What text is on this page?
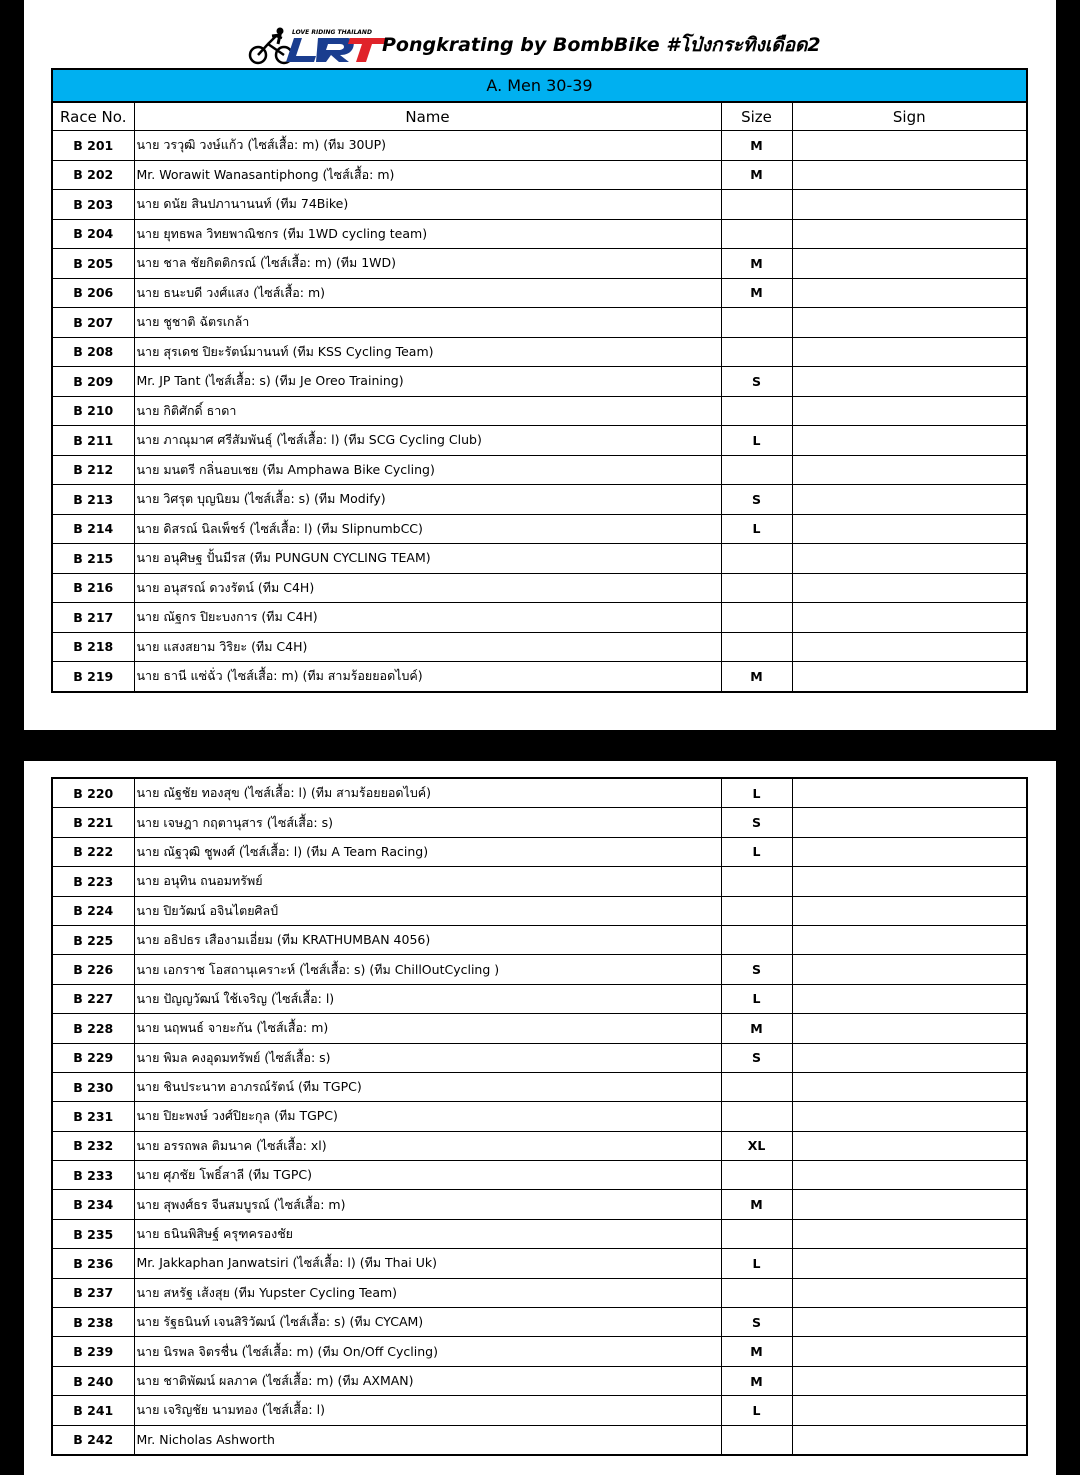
LOVE RIDING THAILAND
Pongkrating by BombBike #โป่งกระทิงเดือด2
A. Men 30-39			
Race No.	Name	Size	Sign
B 201	นาย วรวุฒิ วงษ์แก้ว (ไซส์เสื้อ: m) (ทีม 30UP)	M	
B 202	Mr. Worawit Wanasantiphong (ไซส์เสื้อ: m)	M	
B 203	นาย ดนัย สินปภานานนท์ (ทีม 74Bike)		
B 204	นาย ยุทธพล วิทยพาณิชกร (ทีม 1WD cycling team)		
B 205	นาย ชาล ชัยกิตติกรณ์ (ไซส์เสื้อ: m) (ทีม 1WD)	M	
B 206	นาย ธนะบดี วงศ์แสง (ไซส์เสื้อ: m)	M	
B 207	นาย ชูชาติ ฉัตรเกล้า		
B 208	นาย สุรเดช ปิยะรัตน์มานนท์ (ทีม KSS Cycling Team)		
B 209	Mr. JP Tant (ไซส์เสื้อ: s) (ทีม Je Oreo Training)	S	
B 210	นาย กิติศักดิ์ ธาดา		
B 211	นาย ภาณุมาศ ศรีสัมพันธุ์ (ไซส์เสื้อ: l) (ทีม SCG Cycling Club)	L	
B 212	นาย มนตรี กลิ่นอบเชย (ทีม Amphawa Bike Cycling)		
B 213	นาย วิศรุต บุญนิยม (ไซส์เสื้อ: s) (ทีม Modify)	S	
B 214	นาย ดิสรณ์ นิลเพ็ชร์ (ไซส์เสื้อ: l) (ทีม SlipnumbCC)	L	
B 215	นาย อนุศิษฐ ปั้นมีรส (ทีม PUNGUN CYCLING TEAM)		
B 216	นาย อนุสรณ์ ดวงรัตน์ (ทีม C4H)		
B 217	นาย ณัฐกร ปิยะบงการ (ทีม C4H)		
B 218	นาย แสงสยาม วิริยะ (ทีม C4H)		
B 219	นาย ธานี แซ่ฉั่ว (ไซส์เสื้อ: m) (ทีม สามร้อยยอดไบค์)	M	
B 220	นาย ณัฐชัย ทองสุข (ไซส์เสื้อ: l) (ทีม สามร้อยยอดไบค์)	L	
B 221	นาย เจษฎา กฤตานุสาร (ไซส์เสื้อ: s)	S	
B 222	นาย ณัฐวุฒิ ชูพงศ์ (ไซส์เสื้อ: l) (ทีม A Team Racing)	L	
B 223	นาย อนุทิน ถนอมทรัพย์		
B 224	นาย ปิยวัฒน์ อจินไตยศิลป์		
B 225	นาย อธิปธร เสืองามเอี่ยม (ทีม KRATHUMBAN 4056)		
B 226	นาย เอกราช โอสถานุเคราะห์ (ไซส์เสื้อ: s) (ทีม ChillOutCycling )	S	
B 227	นาย ปัญญวัฒน์ ใช้เจริญ (ไซส์เสื้อ: l)	L	
B 228	นาย นฤพนธ์ จายะกัน (ไซส์เสื้อ: m)	M	
B 229	นาย พิมล คงอุดมทรัพย์ (ไซส์เสื้อ: s)	S	
B 230	นาย ชินประนาท อาภรณ์รัตน์ (ทีม TGPC)		
B 231	นาย ปิยะพงษ์ วงศ์ปิยะกุล (ทีม TGPC)		
B 232	นาย อรรถพล ติมนาค (ไซส์เสื้อ: xl)	XL	
B 233	นาย ศุภชัย โพธิ์สาลี (ทีม TGPC)		
B 234	นาย สุพงศ์ธร จีนสมบูรณ์ (ไซส์เสื้อ: m)	M	
B 235	นาย ธนินพิสิษฐ์ ครุฑครองชัย		
B 236	Mr. Jakkaphan Janwatsiri (ไซส์เสื้อ: l) (ทีม Thai Uk)	L	
B 237	นาย สหรัฐ เส้งสุย (ทีม Yupster Cycling Team)		
B 238	นาย รัฐธนินท์ เจนสิริวัฒน์ (ไซส์เสื้อ: s) (ทีม CYCAM)	S	
B 239	นาย นิรพล จิตรชื่น (ไซส์เสื้อ: m) (ทีม On/Off Cycling)	M	
B 240	นาย ชาติพัฒน์ ผลภาค (ไซส์เสื้อ: m) (ทีม AXMAN)	M	
B 241	นาย เจริญชัย นามทอง (ไซส์เสื้อ: l)	L	
B 242	Mr. Nicholas Ashworth		
